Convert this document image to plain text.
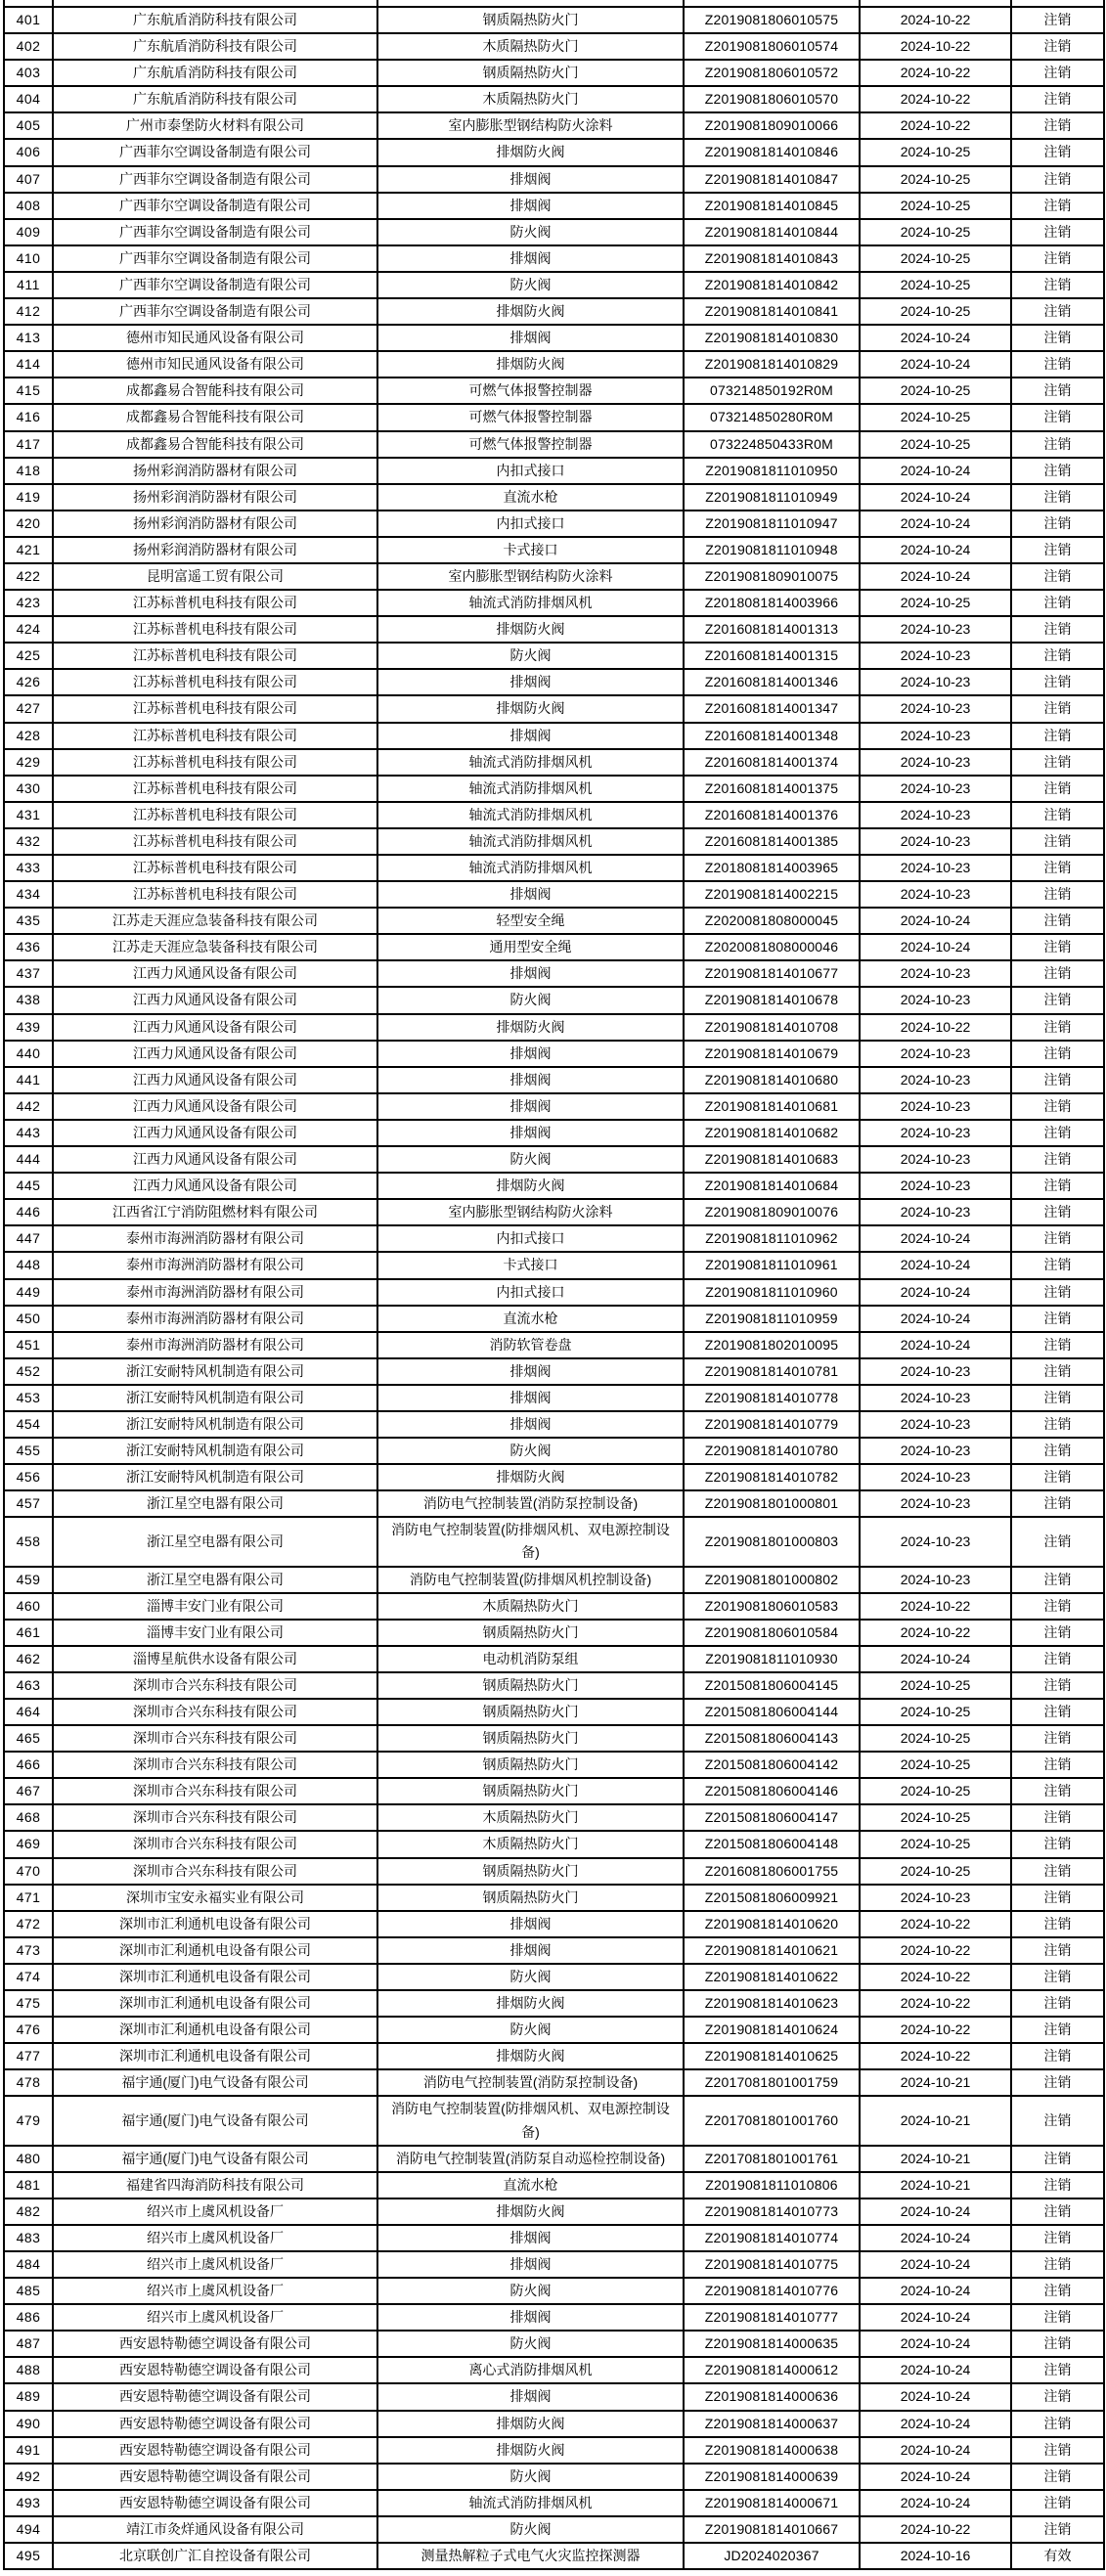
401	广东航盾消防科技有限公司	钢质隔热防火门	Z2019081806010575	2024-10-22	注销
402	广东航盾消防科技有限公司	木质隔热防火门	Z2019081806010574	2024-10-22	注销
403	广东航盾消防科技有限公司	钢质隔热防火门	Z2019081806010572	2024-10-22	注销
404	广东航盾消防科技有限公司	木质隔热防火门	Z2019081806010570	2024-10-22	注销
405	广州市泰堡防火材料有限公司	室内膨胀型钢结构防火涂料	Z2019081809010066	2024-10-22	注销
406	广西菲尔空调设备制造有限公司	排烟防火阀	Z2019081814010846	2024-10-25	注销
407	广西菲尔空调设备制造有限公司	排烟阀	Z2019081814010847	2024-10-25	注销
408	广西菲尔空调设备制造有限公司	排烟阀	Z2019081814010845	2024-10-25	注销
409	广西菲尔空调设备制造有限公司	防火阀	Z2019081814010844	2024-10-25	注销
410	广西菲尔空调设备制造有限公司	排烟阀	Z2019081814010843	2024-10-25	注销
411	广西菲尔空调设备制造有限公司	防火阀	Z2019081814010842	2024-10-25	注销
412	广西菲尔空调设备制造有限公司	排烟防火阀	Z2019081814010841	2024-10-25	注销
413	德州市知民通风设备有限公司	排烟阀	Z2019081814010830	2024-10-24	注销
414	德州市知民通风设备有限公司	排烟防火阀	Z2019081814010829	2024-10-24	注销
415	成都鑫易合智能科技有限公司	可燃气体报警控制器	073214850192R0M	2024-10-25	注销
416	成都鑫易合智能科技有限公司	可燃气体报警控制器	073214850280R0M	2024-10-25	注销
417	成都鑫易合智能科技有限公司	可燃气体报警控制器	073224850433R0M	2024-10-25	注销
418	扬州彩润消防器材有限公司	内扣式接口	Z2019081811010950	2024-10-24	注销
419	扬州彩润消防器材有限公司	直流水枪	Z2019081811010949	2024-10-24	注销
420	扬州彩润消防器材有限公司	内扣式接口	Z2019081811010947	2024-10-24	注销
421	扬州彩润消防器材有限公司	卡式接口	Z2019081811010948	2024-10-24	注销
422	昆明富遥工贸有限公司	室内膨胀型钢结构防火涂料	Z2019081809010075	2024-10-24	注销
423	江苏标普机电科技有限公司	轴流式消防排烟风机	Z2018081814003966	2024-10-25	注销
424	江苏标普机电科技有限公司	排烟防火阀	Z2016081814001313	2024-10-23	注销
425	江苏标普机电科技有限公司	防火阀	Z2016081814001315	2024-10-23	注销
426	江苏标普机电科技有限公司	排烟阀	Z2016081814001346	2024-10-23	注销
427	江苏标普机电科技有限公司	排烟防火阀	Z2016081814001347	2024-10-23	注销
428	江苏标普机电科技有限公司	排烟阀	Z2016081814001348	2024-10-23	注销
429	江苏标普机电科技有限公司	轴流式消防排烟风机	Z2016081814001374	2024-10-23	注销
430	江苏标普机电科技有限公司	轴流式消防排烟风机	Z2016081814001375	2024-10-23	注销
431	江苏标普机电科技有限公司	轴流式消防排烟风机	Z2016081814001376	2024-10-23	注销
432	江苏标普机电科技有限公司	轴流式消防排烟风机	Z2016081814001385	2024-10-23	注销
433	江苏标普机电科技有限公司	轴流式消防排烟风机	Z2018081814003965	2024-10-23	注销
434	江苏标普机电科技有限公司	排烟阀	Z2019081814002215	2024-10-23	注销
435	江苏走天涯应急装备科技有限公司	轻型安全绳	Z2020081808000045	2024-10-24	注销
436	江苏走天涯应急装备科技有限公司	通用型安全绳	Z2020081808000046	2024-10-24	注销
437	江西力风通风设备有限公司	排烟阀	Z2019081814010677	2024-10-23	注销
438	江西力风通风设备有限公司	防火阀	Z2019081814010678	2024-10-23	注销
439	江西力风通风设备有限公司	排烟防火阀	Z2019081814010708	2024-10-22	注销
440	江西力风通风设备有限公司	排烟阀	Z2019081814010679	2024-10-23	注销
441	江西力风通风设备有限公司	排烟阀	Z2019081814010680	2024-10-23	注销
442	江西力风通风设备有限公司	排烟阀	Z2019081814010681	2024-10-23	注销
443	江西力风通风设备有限公司	排烟阀	Z2019081814010682	2024-10-23	注销
444	江西力风通风设备有限公司	防火阀	Z2019081814010683	2024-10-23	注销
445	江西力风通风设备有限公司	排烟防火阀	Z2019081814010684	2024-10-23	注销
446	江西省江宁消防阻燃材料有限公司	室内膨胀型钢结构防火涂料	Z2019081809010076	2024-10-23	注销
447	泰州市海洲消防器材有限公司	内扣式接口	Z2019081811010962	2024-10-24	注销
448	泰州市海洲消防器材有限公司	卡式接口	Z2019081811010961	2024-10-24	注销
449	泰州市海洲消防器材有限公司	内扣式接口	Z2019081811010960	2024-10-24	注销
450	泰州市海洲消防器材有限公司	直流水枪	Z2019081811010959	2024-10-24	注销
451	泰州市海洲消防器材有限公司	消防软管卷盘	Z2019081802010095	2024-10-24	注销
452	浙江安耐特风机制造有限公司	排烟阀	Z2019081814010781	2024-10-23	注销
453	浙江安耐特风机制造有限公司	排烟阀	Z2019081814010778	2024-10-23	注销
454	浙江安耐特风机制造有限公司	排烟阀	Z2019081814010779	2024-10-23	注销
455	浙江安耐特风机制造有限公司	防火阀	Z2019081814010780	2024-10-23	注销
456	浙江安耐特风机制造有限公司	排烟防火阀	Z2019081814010782	2024-10-23	注销
457	浙江星空电器有限公司	消防电气控制装置(消防泵控制设备)	Z2019081801000801	2024-10-23	注销
458	浙江星空电器有限公司	消防电气控制装置(防排烟风机、双电源控制设备)	Z2019081801000803	2024-10-23	注销
459	浙江星空电器有限公司	消防电气控制装置(防排烟风机控制设备)	Z2019081801000802	2024-10-23	注销
460	淄博丰安门业有限公司	木质隔热防火门	Z2019081806010583	2024-10-22	注销
461	淄博丰安门业有限公司	钢质隔热防火门	Z2019081806010584	2024-10-22	注销
462	淄博星航供水设备有限公司	电动机消防泵组	Z2019081811010930	2024-10-24	注销
463	深圳市合兴东科技有限公司	钢质隔热防火门	Z2015081806004145	2024-10-25	注销
464	深圳市合兴东科技有限公司	钢质隔热防火门	Z2015081806004144	2024-10-25	注销
465	深圳市合兴东科技有限公司	钢质隔热防火门	Z2015081806004143	2024-10-25	注销
466	深圳市合兴东科技有限公司	钢质隔热防火门	Z2015081806004142	2024-10-25	注销
467	深圳市合兴东科技有限公司	钢质隔热防火门	Z2015081806004146	2024-10-25	注销
468	深圳市合兴东科技有限公司	木质隔热防火门	Z2015081806004147	2024-10-25	注销
469	深圳市合兴东科技有限公司	木质隔热防火门	Z2015081806004148	2024-10-25	注销
470	深圳市合兴东科技有限公司	钢质隔热防火门	Z2016081806001755	2024-10-25	注销
471	深圳市宝安永福实业有限公司	钢质隔热防火门	Z2015081806009921	2024-10-23	注销
472	深圳市汇利通机电设备有限公司	排烟阀	Z2019081814010620	2024-10-22	注销
473	深圳市汇利通机电设备有限公司	排烟阀	Z2019081814010621	2024-10-22	注销
474	深圳市汇利通机电设备有限公司	防火阀	Z2019081814010622	2024-10-22	注销
475	深圳市汇利通机电设备有限公司	排烟防火阀	Z2019081814010623	2024-10-22	注销
476	深圳市汇利通机电设备有限公司	防火阀	Z2019081814010624	2024-10-22	注销
477	深圳市汇利通机电设备有限公司	排烟防火阀	Z2019081814010625	2024-10-22	注销
478	福宇通(厦门)电气设备有限公司	消防电气控制装置(消防泵控制设备)	Z2017081801001759	2024-10-21	注销
479	福宇通(厦门)电气设备有限公司	消防电气控制装置(防排烟风机、双电源控制设备)	Z2017081801001760	2024-10-21	注销
480	福宇通(厦门)电气设备有限公司	消防电气控制装置(消防泵自动巡检控制设备)	Z2017081801001761	2024-10-21	注销
481	福建省四海消防科技有限公司	直流水枪	Z2019081811010806	2024-10-21	注销
482	绍兴市上虞风机设备厂	排烟防火阀	Z2019081814010773	2024-10-24	注销
483	绍兴市上虞风机设备厂	排烟阀	Z2019081814010774	2024-10-24	注销
484	绍兴市上虞风机设备厂	排烟阀	Z2019081814010775	2024-10-24	注销
485	绍兴市上虞风机设备厂	防火阀	Z2019081814010776	2024-10-24	注销
486	绍兴市上虞风机设备厂	排烟阀	Z2019081814010777	2024-10-24	注销
487	西安恩特勒德空调设备有限公司	防火阀	Z2019081814000635	2024-10-24	注销
488	西安恩特勒德空调设备有限公司	离心式消防排烟风机	Z2019081814000612	2024-10-24	注销
489	西安恩特勒德空调设备有限公司	排烟阀	Z2019081814000636	2024-10-24	注销
490	西安恩特勒德空调设备有限公司	排烟防火阀	Z2019081814000637	2024-10-24	注销
491	西安恩特勒德空调设备有限公司	排烟防火阀	Z2019081814000638	2024-10-24	注销
492	西安恩特勒德空调设备有限公司	防火阀	Z2019081814000639	2024-10-24	注销
493	西安恩特勒德空调设备有限公司	轴流式消防排烟风机	Z2019081814000671	2024-10-24	注销
494	靖江市灸烊通风设备有限公司	防火阀	Z2019081814010667	2024-10-22	注销
495	北京联创广汇自控设备有限公司	测量热解粒子式电气火灾监控探测器	JD2024020367	2024-10-16	有效
